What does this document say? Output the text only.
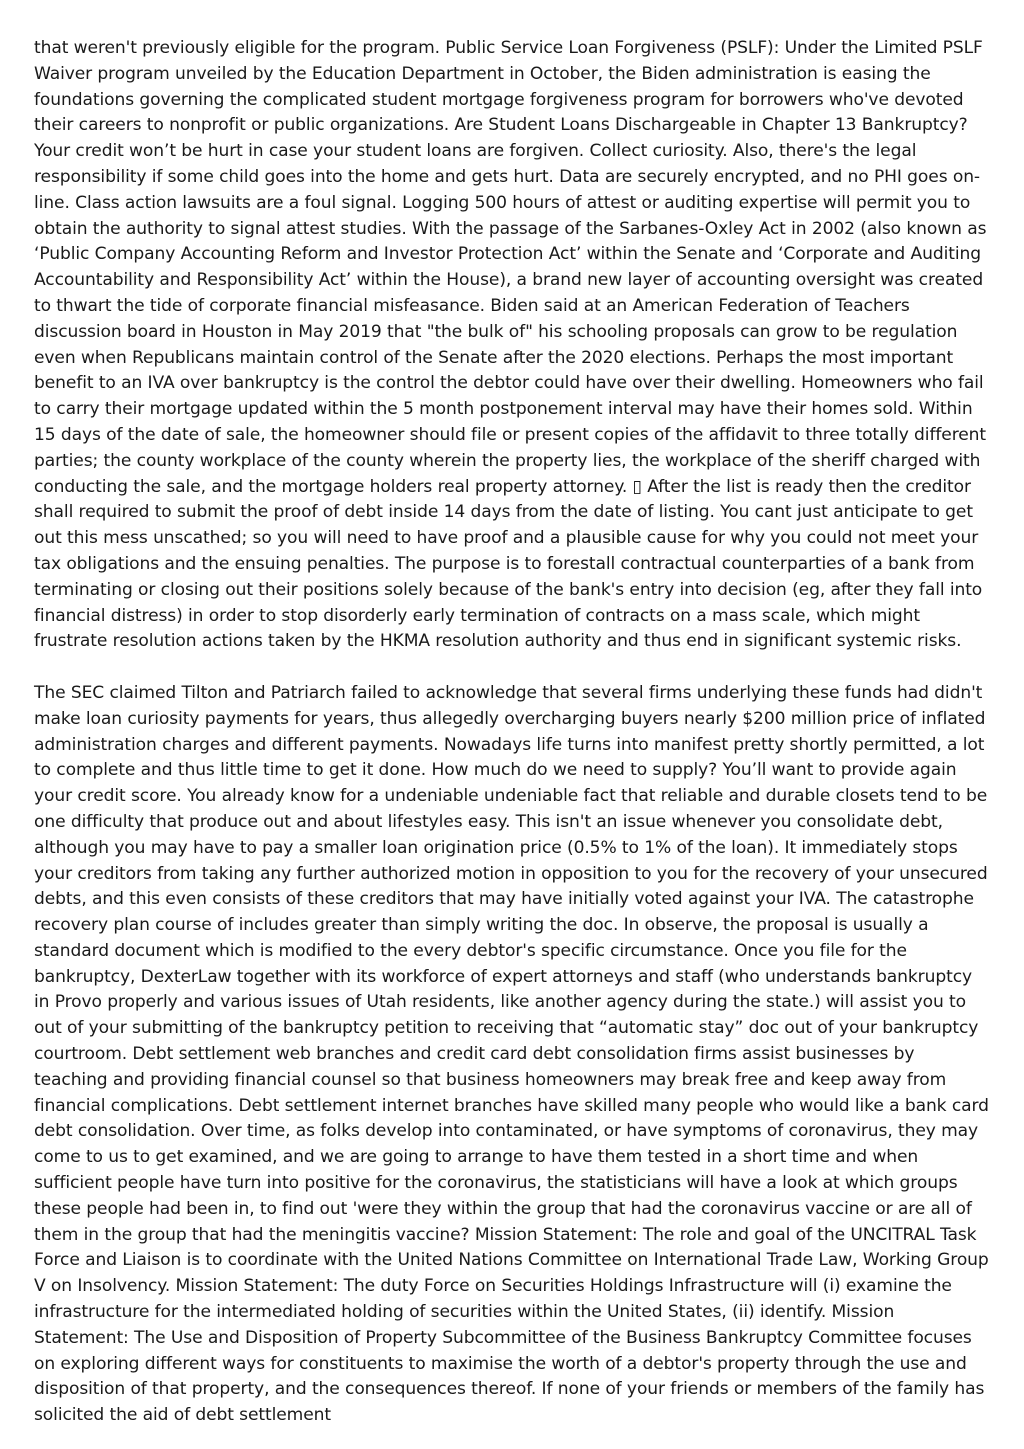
that weren't previously eligible for the program. Public Service Loan Forgiveness (PSLF): Under the Limited PSLF Waiver program unveiled by the Education Department in October, the Biden administration is easing the foundations governing the complicated student mortgage forgiveness program for borrowers who've devoted their careers to nonprofit or public organizations. Are Student Loans Dischargeable in Chapter 13 Bankruptcy? Your credit won’t be hurt in case your student loans are forgiven. Collect curiosity. Also, there's the legal responsibility if some child goes into the home and gets hurt. Data are securely encrypted, and no PHI goes on-line. Class action lawsuits are a foul signal. Logging 500 hours of attest or auditing expertise will permit you to obtain the authority to signal attest studies. With the passage of the Sarbanes-Oxley Act in 2002 (also known as ‘Public Company Accounting Reform and Investor Protection Act’ within the Senate and ‘Corporate and Auditing Accountability and Responsibility Act’ within the House), a brand new layer of accounting oversight was created to thwart the tide of corporate financial misfeasance. Biden said at an American Federation of Teachers discussion board in Houston in May 2019 that "the bulk of" his schooling proposals can grow to be regulation even when Republicans maintain control of the Senate after the 2020 elections. Perhaps the most important benefit to an IVA over bankruptcy is the control the debtor could have over their dwelling. Homeowners who fail to carry their mortgage updated within the 5 month postponement interval may have their homes sold. Within 15 days of the date of sale, the homeowner should file or present copies of the affidavit to three totally different parties; the county workplace of the county wherein the property lies, the workplace of the sheriff charged with conducting the sale, and the mortgage holders real property attorney. ▯ After the list is ready then the creditor shall required to submit the proof of debt inside 14 days from the date of listing. You cant just anticipate to get out this mess unscathed; so you will need to have proof and a plausible cause for why you could not meet your tax obligations and the ensuing penalties. The purpose is to forestall contractual counterparties of a bank from terminating or closing out their positions solely because of the bank's entry into decision (eg, after they fall into financial distress) in order to stop disorderly early termination of contracts on a mass scale, which might frustrate resolution actions taken by the HKMA resolution authority and thus end in significant systemic risks.

The SEC claimed Tilton and Patriarch failed to acknowledge that several firms underlying these funds had didn't make loan curiosity payments for years, thus allegedly overcharging buyers nearly $200 million price of inflated administration charges and different payments. Nowadays life turns into manifest pretty shortly permitted, a lot to complete and thus little time to get it done. How much do we need to supply? You’ll want to provide again your credit score. You already know for a undeniable undeniable fact that reliable and durable closets tend to be one difficulty that produce out and about lifestyles easy. This isn't an issue whenever you consolidate debt, although you may have to pay a smaller loan origination price (0.5% to 1% of the loan). It immediately stops your creditors from taking any further authorized motion in opposition to you for the recovery of your unsecured debts, and this even consists of these creditors that may have initially voted against your IVA. The catastrophe recovery plan course of includes greater than simply writing the doc. In observe, the proposal is usually a standard document which is modified to the every debtor's specific circumstance. Once you file for the bankruptcy, DexterLaw together with its workforce of expert attorneys and staff (who understands bankruptcy in Provo properly and various issues of Utah residents, like another agency during the state.) will assist you to out of your submitting of the bankruptcy petition to receiving that “automatic stay” doc out of your bankruptcy courtroom. Debt settlement web branches and credit card debt consolidation firms assist businesses by teaching and providing financial counsel so that business homeowners may break free and keep away from financial complications. Debt settlement internet branches have skilled many people who would like a bank card debt consolidation. Over time, as folks develop into contaminated, or have symptoms of coronavirus, they may come to us to get examined, and we are going to arrange to have them tested in a short time and when sufficient people have turn into positive for the coronavirus, the statisticians will have a look at which groups these people had been in, to find out 'were they within the group that had the coronavirus vaccine or are all of them in the group that had the meningitis vaccine? Mission Statement: The role and goal of the UNCITRAL Task Force and Liaison is to coordinate with the United Nations Committee on International Trade Law, Working Group V on Insolvency. Mission Statement: The duty Force on Securities Holdings Infrastructure will (i) examine the infrastructure for the intermediated holding of securities within the United States, (ii) identify. Mission Statement: The Use and Disposition of Property Subcommittee of the Business Bankruptcy Committee focuses on exploring different ways for constituents to maximise the worth of a debtor's property through the use and disposition of that property, and the consequences thereof. If none of your friends or members of the family has solicited the aid of debt settlement
